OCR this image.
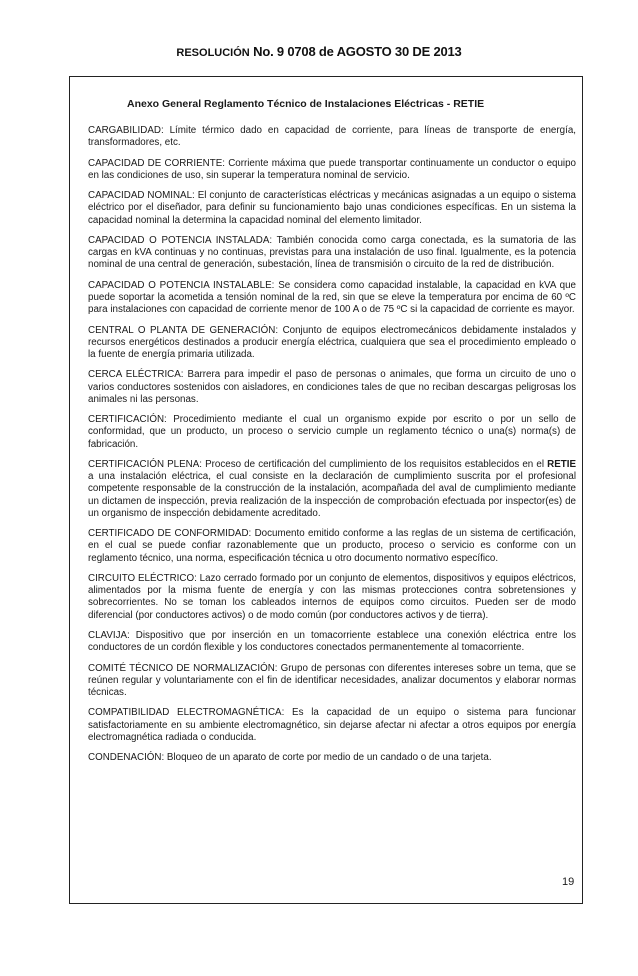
RESOLUCIÓN No. 9 0708 de AGOSTO 30 DE 2013
Anexo General Reglamento Técnico de Instalaciones Eléctricas - RETIE

CARGABILIDAD: Límite térmico dado en capacidad de corriente, para líneas de transporte de energía, transformadores, etc.

CAPACIDAD DE CORRIENTE: Corriente máxima que puede transportar continuamente un conductor o equipo en las condiciones de uso, sin superar la temperatura nominal de servicio.

CAPACIDAD NOMINAL: El conjunto de características eléctricas y mecánicas asignadas a un equipo o sistema eléctrico por el diseñador, para definir su funcionamiento bajo unas condiciones específicas. En un sistema la capacidad nominal la determina la capacidad nominal del elemento limitador.

CAPACIDAD O POTENCIA INSTALADA: También conocida como carga conectada, es la sumatoria de las cargas en kVA continuas y no continuas, previstas para una instalación de uso final. Igualmente, es la potencia nominal de una central de generación, subestación, línea de transmisión o circuito de la red de distribución.

CAPACIDAD O POTENCIA INSTALABLE: Se considera como capacidad instalable, la capacidad en kVA que puede soportar la acometida a tensión nominal de la red, sin que se eleve la temperatura por encima de 60 ºC para instalaciones con capacidad de corriente menor de 100 A o de 75 ºC si la capacidad de corriente es mayor.

CENTRAL O PLANTA DE GENERACIÓN: Conjunto de equipos electromecánicos debidamente instalados y recursos energéticos destinados a producir energía eléctrica, cualquiera que sea el procedimiento empleado o la fuente de energía primaria utilizada.

CERCA ELÉCTRICA: Barrera para impedir el paso de personas o animales, que forma un circuito de uno o varios conductores sostenidos con aisladores, en condiciones tales de que no reciban descargas peligrosas los animales ni las personas.

CERTIFICACIÓN: Procedimiento mediante el cual un organismo expide por escrito o por un sello de conformidad, que un producto, un proceso o servicio cumple un reglamento técnico o una(s) norma(s) de fabricación.

CERTIFICACIÓN PLENA: Proceso de certificación del cumplimiento de los requisitos establecidos en el RETIE a una instalación eléctrica, el cual consiste en la declaración de cumplimiento suscrita por el profesional competente responsable de la construcción de la instalación, acompañada del aval de cumplimiento mediante un dictamen de inspección, previa realización de la inspección de comprobación efectuada por inspector(es) de un organismo de inspección debidamente acreditado.

CERTIFICADO DE CONFORMIDAD: Documento emitido conforme a las reglas de un sistema de certificación, en el cual se puede confiar razonablemente que un producto, proceso o servicio es conforme con un reglamento técnico, una norma, especificación técnica u otro documento normativo específico.

CIRCUITO ELÉCTRICO: Lazo cerrado formado por un conjunto de elementos, dispositivos y equipos eléctricos, alimentados por la misma fuente de energía y con las mismas protecciones contra sobretensiones y sobrecorrientes. No se toman los cableados internos de equipos como circuitos. Pueden ser de modo diferencial (por conductores activos) o de modo común (por conductores activos y de tierra).

CLAVIJA: Dispositivo que por inserción en un tomacorriente establece una conexión eléctrica entre los conductores de un cordón flexible y los conductores conectados permanentemente al tomacorriente.

COMITÉ TÉCNICO DE NORMALIZACIÓN: Grupo de personas con diferentes intereses sobre un tema, que se reúnen regular y voluntariamente con el fin de identificar necesidades, analizar documentos y elaborar normas técnicas.

COMPATIBILIDAD ELECTROMAGNÉTICA: Es la capacidad de un equipo o sistema para funcionar satisfactoriamente en su ambiente electromagnético, sin dejarse afectar ni afectar a otros equipos por energía electromagnética radiada o conducida.

CONDENACIÓN: Bloqueo de un aparato de corte por medio de un candado o de una tarjeta.

19
